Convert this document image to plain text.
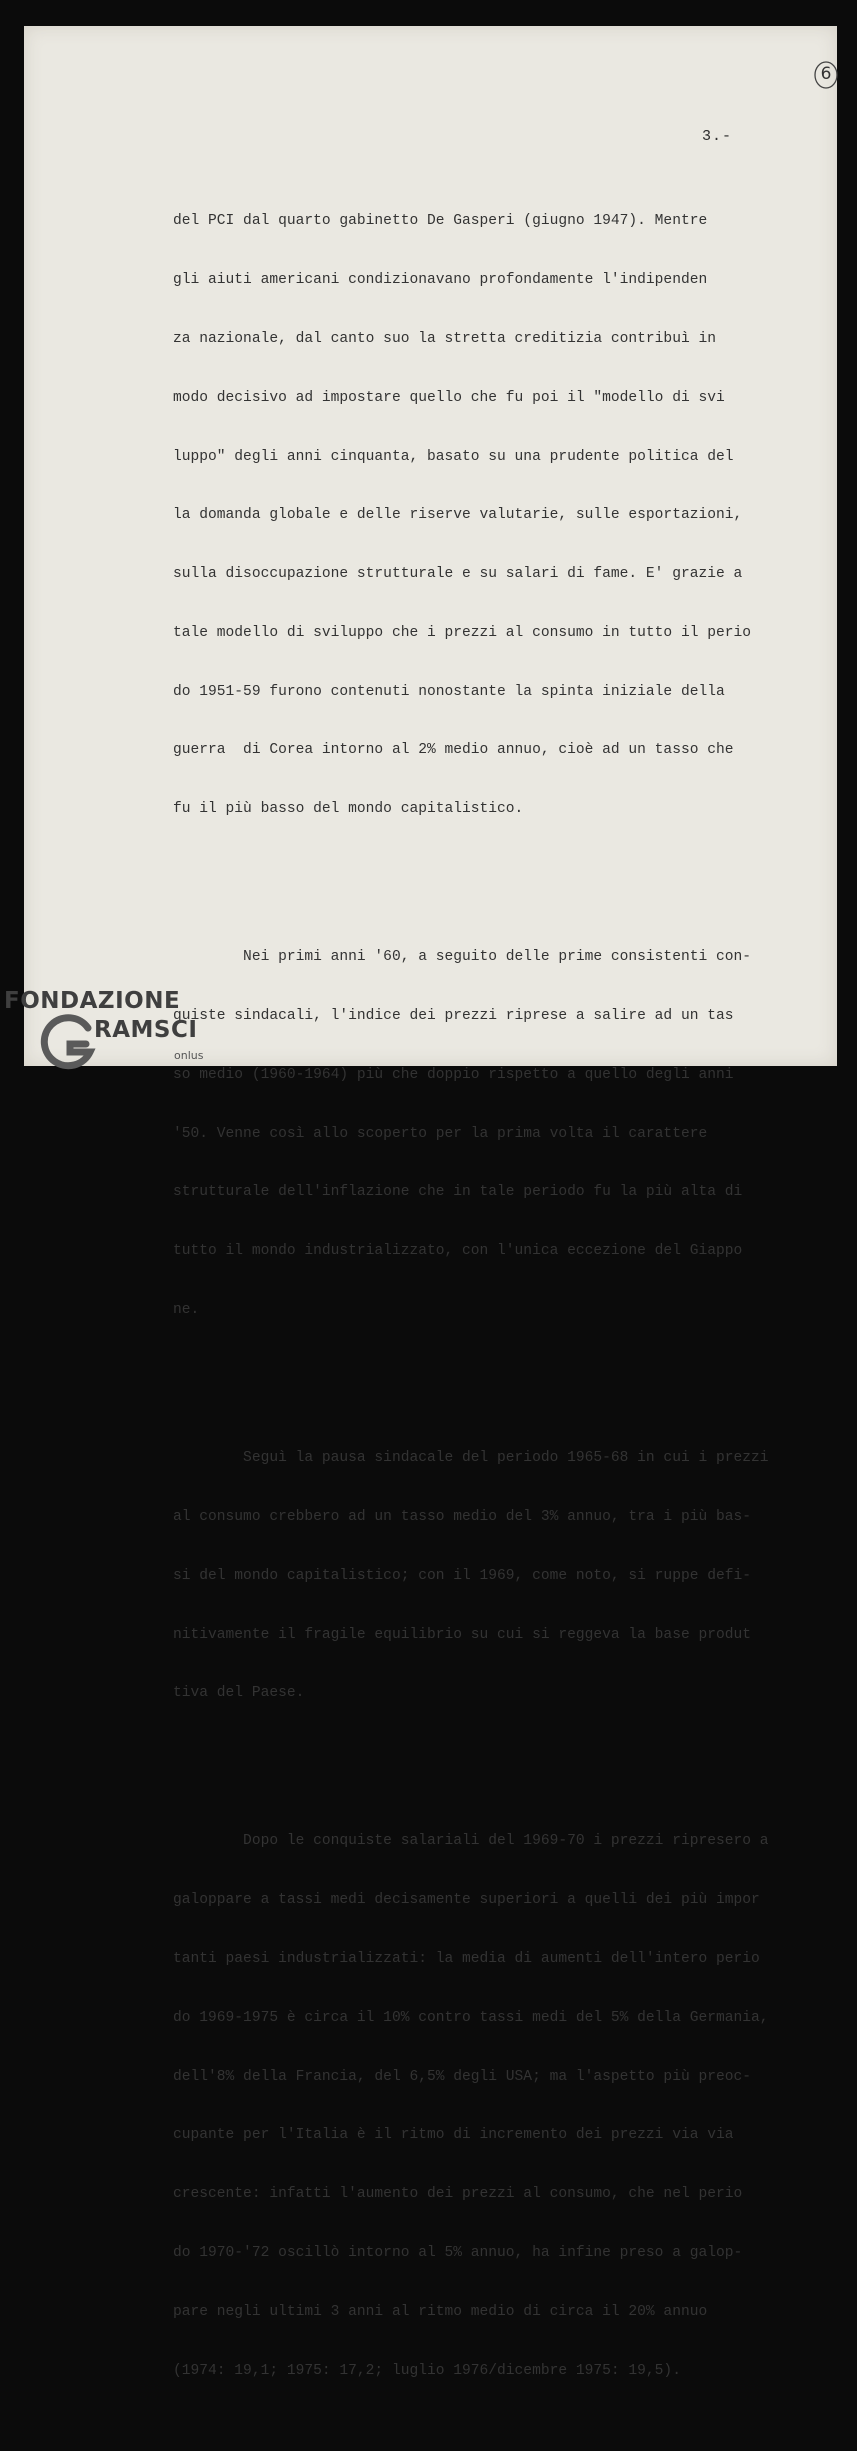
6
3.-

del PCI dal quarto gabinetto De Gasperi (giugno 1947). Mentre

gli aiuti americani condizionavano profondamente l'indipenden

za nazionale, dal canto suo la stretta creditizia contribuì in

modo decisivo ad impostare quello che fu poi il "modello di svi

luppo" degli anni cinquanta, basato su una prudente politica del

la domanda globale e delle riserve valutarie, sulle esportazioni,

sulla disoccupazione strutturale e su salari di fame. E' grazie a

tale modello di sviluppo che i prezzi al consumo in tutto il perio

do 1951-59 furono contenuti nonostante la spinta iniziale della

guerra  di Corea intorno al 2% medio annuo, cioè ad un tasso che

fu il più basso del mondo capitalistico.

Nei primi anni '60, a seguito delle prime consistenti con-

quiste sindacali, l'indice dei prezzi riprese a salire ad un tas

so medio (1960-1964) più che doppio rispetto a quello degli anni

'50. Venne così allo scoperto per la prima volta il carattere

strutturale dell'inflazione che in tale periodo fu la più alta di

tutto il mondo industrializzato, con l'unica eccezione del Giappo

ne.

Seguì la pausa sindacale del periodo 1965-68 in cui i prezzi

al consumo crebbero ad un tasso medio del 3% annuo, tra i più bas-

si del mondo capitalistico; con il 1969, come noto, si ruppe defi-

nitivamente il fragile equilibrio su cui si reggeva la base produt

tiva del Paese.

Dopo le conquiste salariali del 1969-70 i prezzi ripresero a

galoppare a tassi medi decisamente superiori a quelli dei più impor

tanti paesi industrializzati: la media di aumenti dell'intero perio

do 1969-1975 è circa il 10% contro tassi medi del 5% della Germania,

dell'8% della Francia, del 6,5% degli USA; ma l'aspetto più preoc-

cupante per l'Italia è il ritmo di incremento dei prezzi via via

crescente: infatti l'aumento dei prezzi al consumo, che nel perio

do 1970-'72 oscillò intorno al 5% annuo, ha infine preso a galop-

pare negli ultimi 3 anni al ritmo medio di circa il 20% annuo

(1974: 19,1; 1975: 17,2; luglio 1976/dicembre 1975: 19,5).

FONDAZIONE
RAMSCI
onlus
